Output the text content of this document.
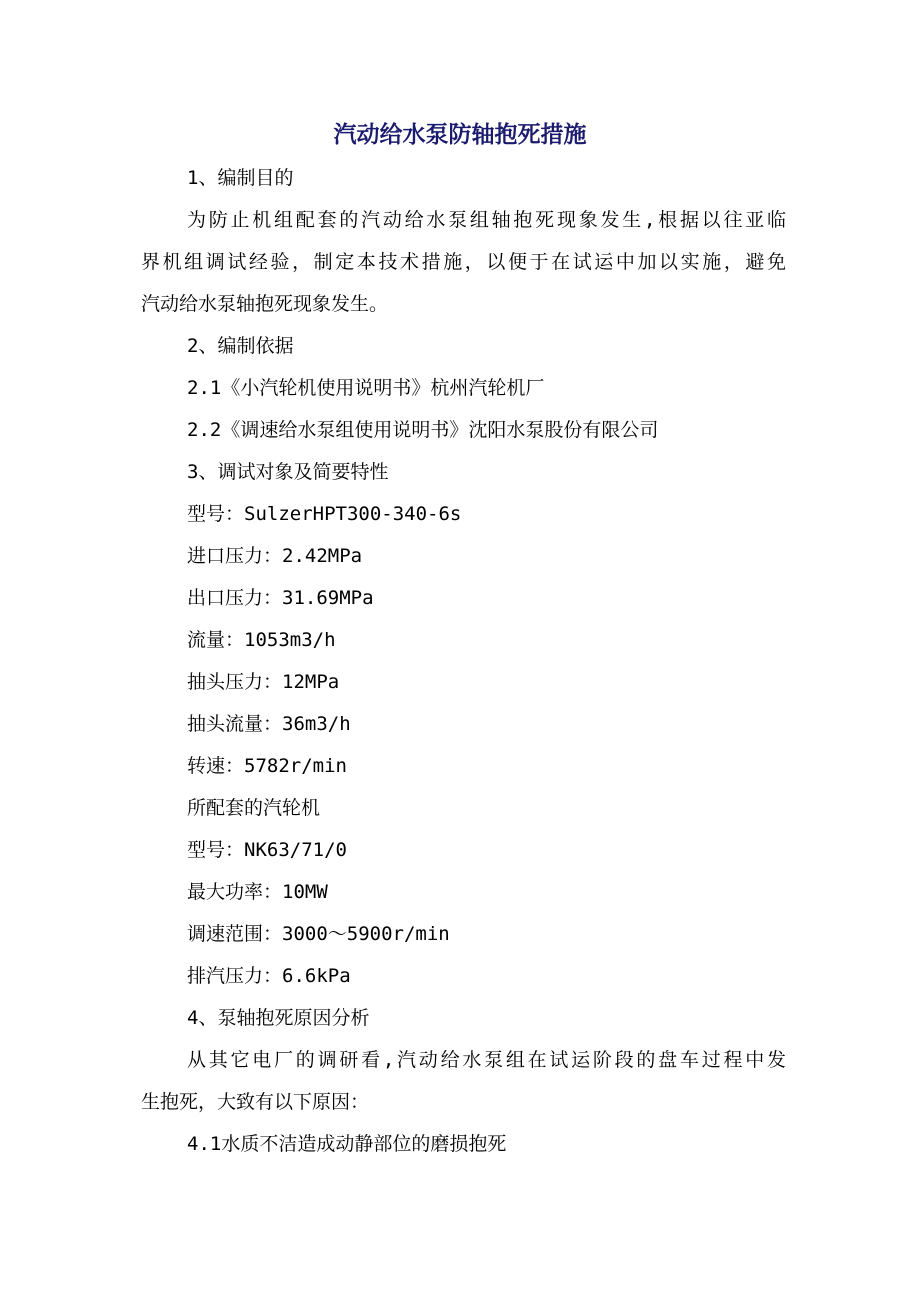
汽动给水泵防轴抱死措施

1、编制目的

为防止机组配套的汽动给水泵组轴抱死现象发生,根据以往亚临

界机组调试经验，制定本技术措施，以便于在试运中加以实施，避免

汽动给水泵轴抱死现象发生。

2、编制依据

2.1《小汽轮机使用说明书》杭州汽轮机厂

2.2《调速给水泵组使用说明书》沈阳水泵股份有限公司

3、调试对象及简要特性

型号：SulzerHPT300-340-6s

进口压力：2.42MPa

出口压力：31.69MPa

流量：1053m3/h

抽头压力：12MPa

抽头流量：36m3/h

转速：5782r/min

所配套的汽轮机

型号：NK63/71/0

最大功率：10MW

调速范围：3000～5900r/min

排汽压力：6.6kPa

4、泵轴抱死原因分析

从其它电厂的调研看,汽动给水泵组在试运阶段的盘车过程中发

生抱死，大致有以下原因：

4.1水质不洁造成动静部位的磨损抱死
